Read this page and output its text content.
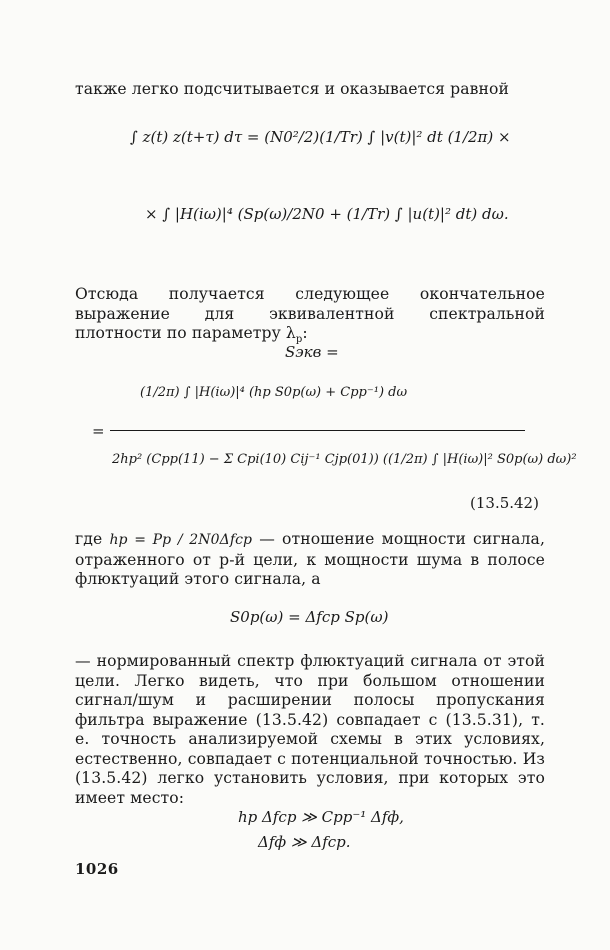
также легко подсчитывается и оказывается равной
∫ z(t) z(t+τ) dτ = (N0²/2)(1/Tr) ∫ |v(t)|² dt (1/2π) ×
× ∫ |H(iω)|⁴ (Sp(ω)/2N0 + (1/Tr) ∫ |u(t)|² dt) dω.
Отсюда получается следующее окончательное выражение для эквивалентной спектральной плотности по параметру $\lambda_p$:
Sэкв =
(1/2π) ∫ |H(iω)|⁴ (hp S0p(ω) + Cpp⁻¹) dω
=
2hp² (Cpp(11) − Σ Cpi(10) Cij⁻¹ Cjp(01)) ((1/2π) ∫ |H(iω)|² S0p(ω) dω)²
(13.5.42)
где hp = Pp / 2N0Δfcp — отношение мощности сигнала, отраженного от p-й цели, к мощности шума в полосе флюктуаций этого сигнала, а
S0p(ω) = Δfcp Sp(ω)
— нормированный спектр флюктуаций сигнала от этой цели. Легко видеть, что при большом отношении сигнал/шум и расширении полосы пропускания фильтра выражение (13.5.42) совпадает с (13.5.31), т. е. точность анализируемой схемы в этих условиях, естественно, совпадает с потенциальной точностью. Из (13.5.42) легко установить условия, при которых это имеет место:
hp Δfcp ≫ Cpp⁻¹ Δfф,
Δfф ≫ Δfcp.
1026
